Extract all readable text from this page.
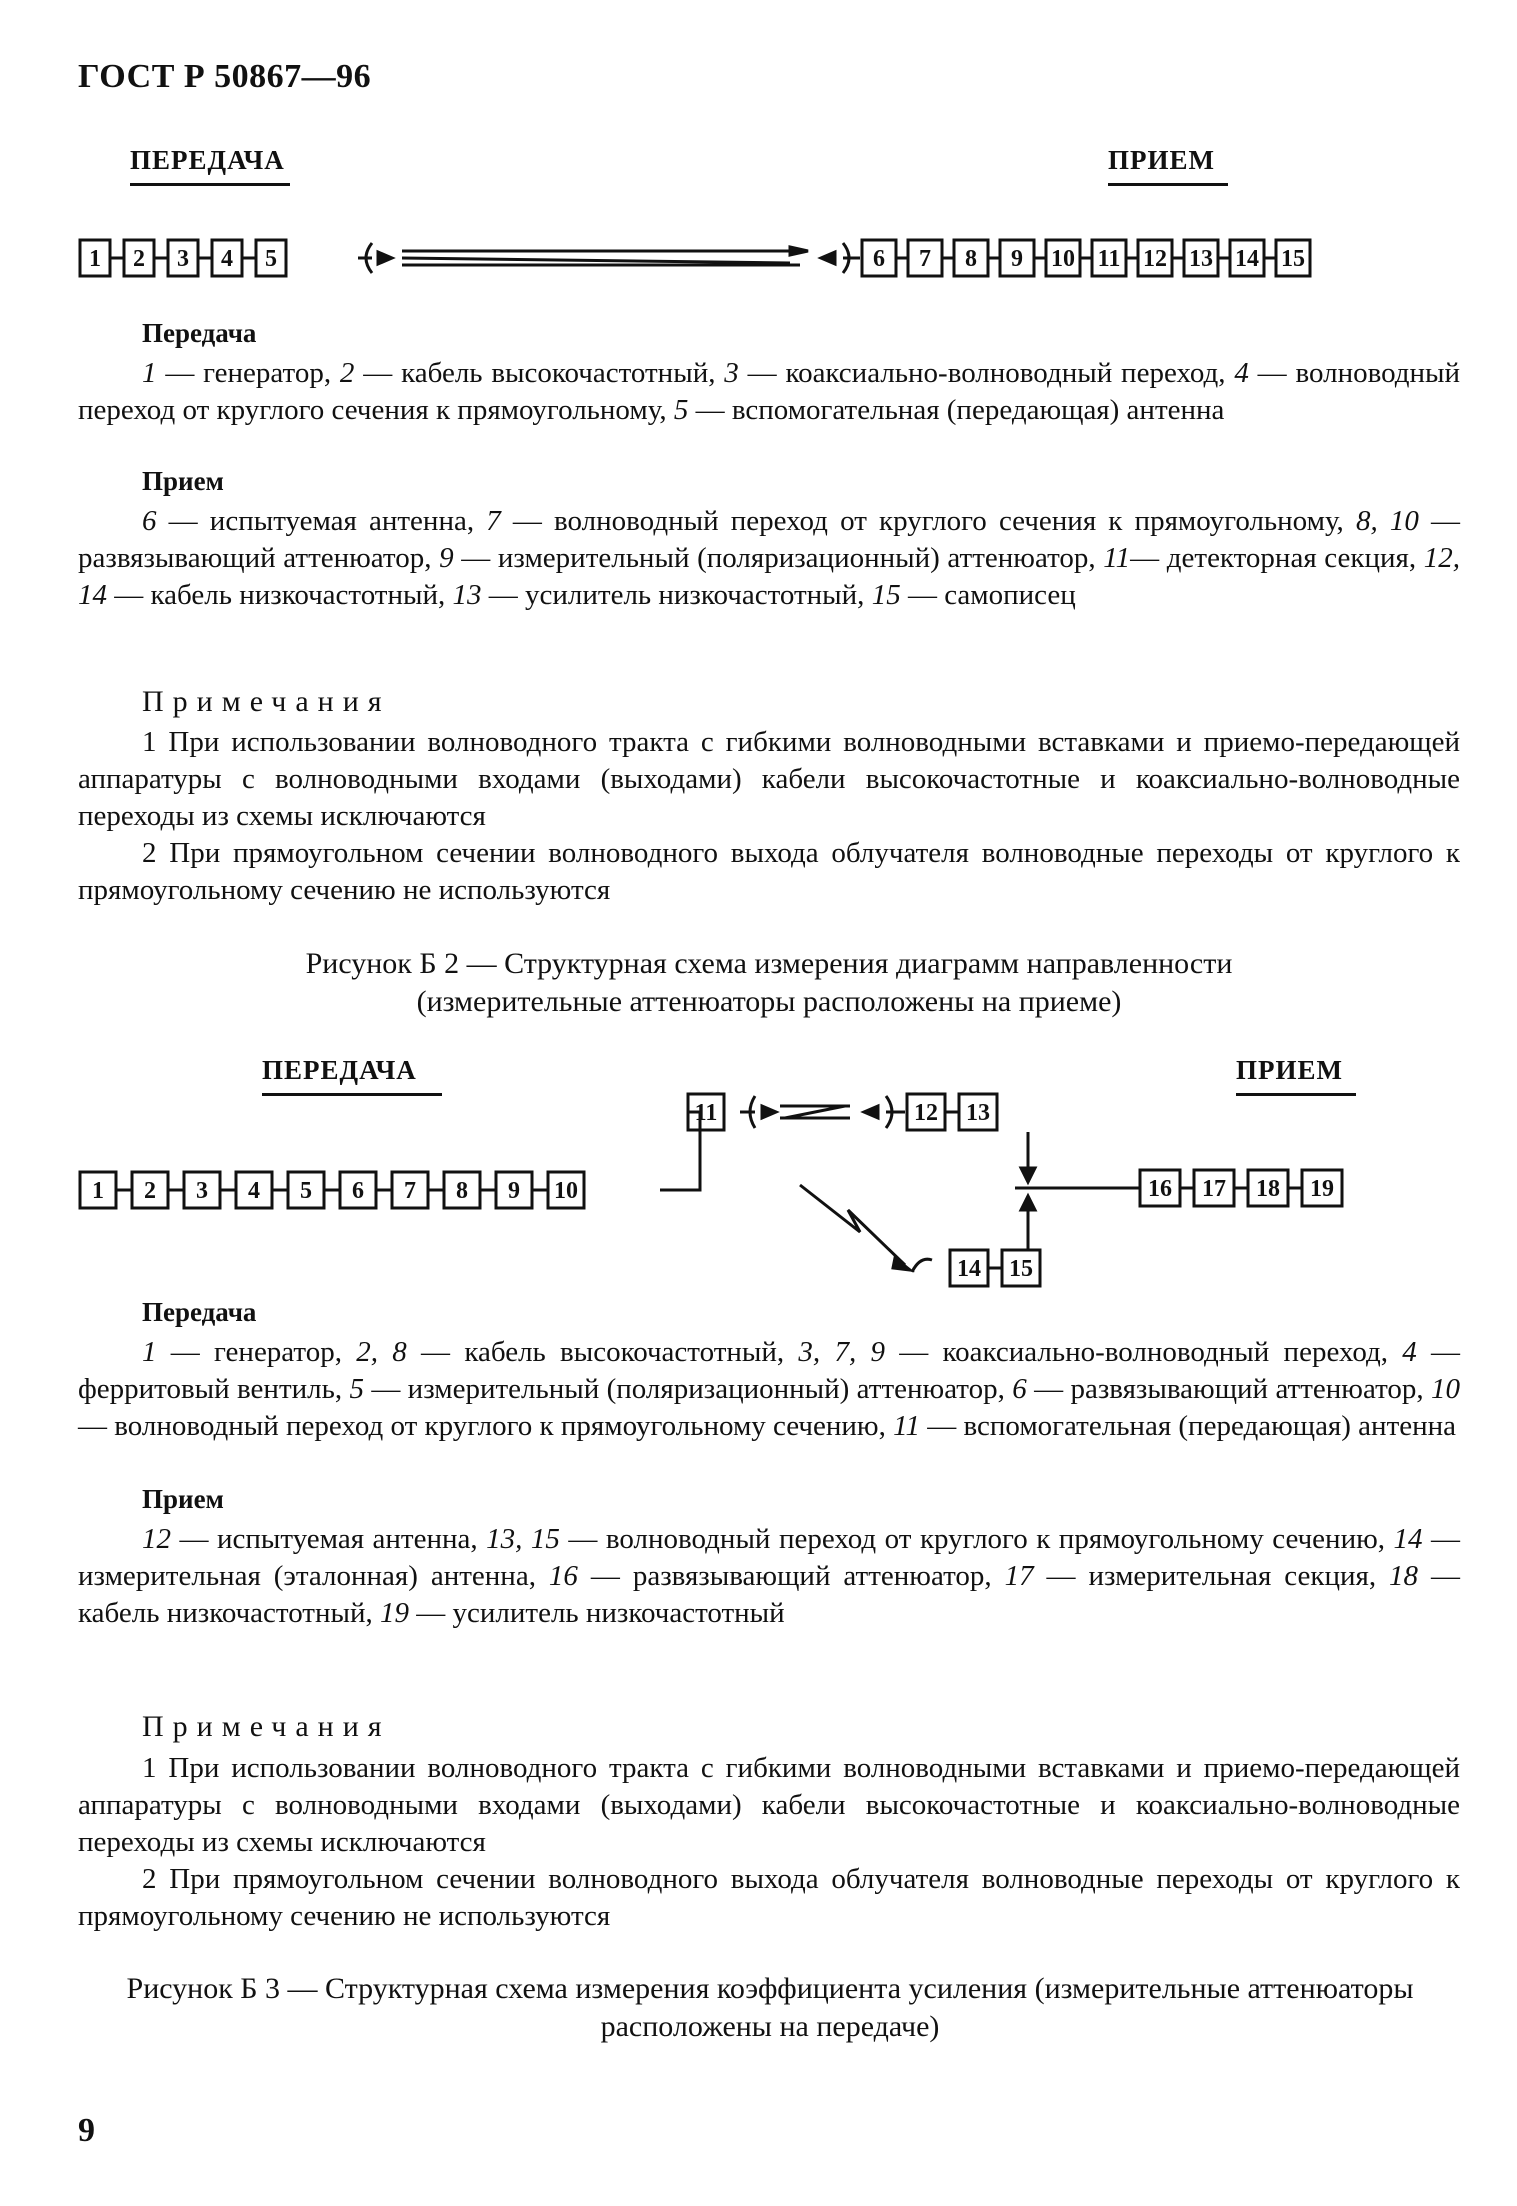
ГОСТ Р 50867—96
ПЕРЕДАЧА	ПРИЕМ
1 2 3 4 5	6 7 8 9 10 11 12 13 14 15
Передача
1 — генератор, 2 — кабель высокочастотный, 3 — коаксиально-волноводный переход, 4 — волноводный переход от круглого сечения к прямоугольному, 5 — вспомогательная (передающая) антенна
Прием
6 — испытуемая антенна, 7 — волноводный переход от круглого сечения к прямоугольному, 8, 10 — развязывающий аттенюатор, 9 — измерительный (поляризационный) аттенюатор, 11— детекторная секция, 12, 14 — кабель низкочастотный, 13 — усилитель низкочастотный, 15 — самописец
Примечания
1 При использовании волноводного тракта с гибкими волноводными вставками и приемо-передающей аппаратуры с волноводными входами (выходами) кабели высокочастотные и коаксиально-волноводные переходы из схемы исключаются
2 При прямоугольном сечении волноводного выхода облучателя волноводные переходы от круглого к прямоугольному сечению не используются
Рисунок Б 2 — Структурная схема измерения диаграмм направленности
(измерительные аттенюаторы расположены на приеме)
ПЕРЕДАЧА	ПРИЕМ
1 2 3 4 5 6 7 8 9 10
11	12 13
14 15
16 17 18 19
Передача
1 — генератор, 2, 8 — кабель высокочастотный, 3, 7, 9 — коаксиально-волноводный переход, 4 — ферритовый вентиль, 5 — измерительный (поляризационный) аттенюатор, 6 — развязывающий аттенюатор, 10 — волноводный переход от круглого к прямоугольному сечению, 11 — вспомогательная (передающая) антенна
Прием
12 — испытуемая антенна, 13, 15 — волноводный переход от круглого к прямоугольному сечению, 14 — измерительная (эталонная) антенна, 16 — развязывающий аттенюатор, 17 — измерительная секция, 18 — кабель низкочастотный, 19 — усилитель низкочастотный
Примечания
1 При использовании волноводного тракта с гибкими волноводными вставками и приемо-передающей аппаратуры с волноводными входами (выходами) кабели высокочастотные и коаксиально-волноводные переходы из схемы исключаются
2 При прямоугольном сечении волноводного выхода облучателя волноводные переходы от круглого к прямоугольному сечению не используются
Рисунок Б 3 — Структурная схема измерения коэффициента усиления (измерительные аттенюаторы расположены на передаче)
9
